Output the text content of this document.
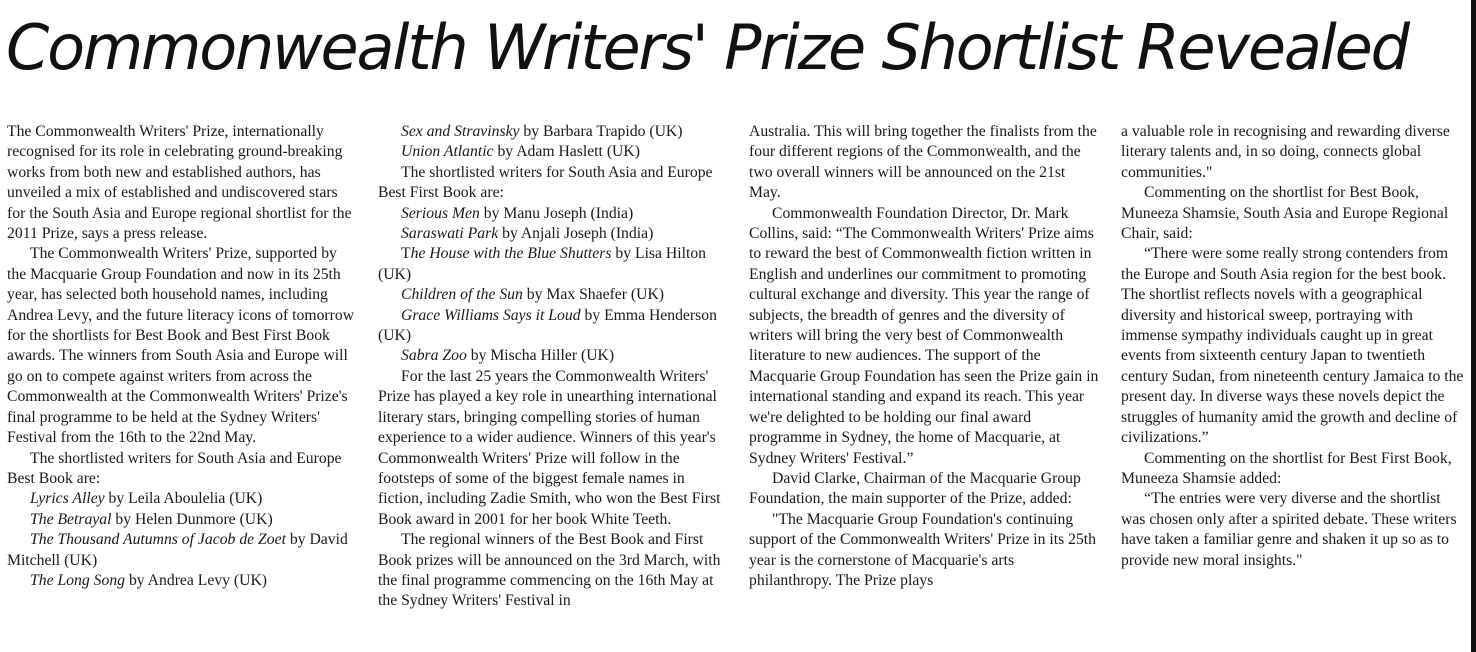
Commonwealth Writers' Prize Shortlist Revealed

The Commonwealth Writers' Prize, internationally recognised for its role in celebrating ground-breaking works from both new and established authors, has unveiled a mix of established and undiscovered stars for the South Asia and Europe regional shortlist for the 2011 Prize, says a press release.

The Commonwealth Writers' Prize, supported by the Macquarie Group Foundation and now in its 25th year, has selected both household names, including Andrea Levy, and the future literacy icons of tomorrow for the shortlists for Best Book and Best First Book awards. The winners from South Asia and Europe will go on to compete against writers from across the Commonwealth at the Commonwealth Writers' Prize's final programme to be held at the Sydney Writers' Festival from the 16th to the 22nd May.

The shortlisted writers for South Asia and Europe Best Book are:

Lyrics Alley by Leila Aboulelia (UK)

The Betrayal by Helen Dunmore (UK)

The Thousand Autumns of Jacob de Zoet by David Mitchell (UK)

The Long Song by Andrea Levy (UK)

Sex and Stravinsky by Barbara Trapido (UK)

Union Atlantic by Adam Haslett (UK)

The shortlisted writers for South Asia and Europe Best First Book are:

Serious Men by Manu Joseph (India)

Saraswati Park by Anjali Joseph (India)

The House with the Blue Shutters by Lisa Hilton (UK)

Children of the Sun by Max Shaefer (UK)

Grace Williams Says it Loud by Emma Henderson (UK)

Sabra Zoo by Mischa Hiller (UK)

For the last 25 years the Commonwealth Writers' Prize has played a key role in unearthing international literary stars, bringing compelling stories of human experience to a wider audience. Winners of this year's Commonwealth Writers' Prize will follow in the footsteps of some of the biggest female names in fiction, including Zadie Smith, who won the Best First Book award in 2001 for her book White Teeth.

The regional winners of the Best Book and First Book prizes will be announced on the 3rd March, with the final programme commencing on the 16th May at the Sydney Writers' Festival in

Australia. This will bring together the finalists from the four different regions of the Commonwealth, and the two overall winners will be announced on the 21st May.

Commonwealth Foundation Director, Dr. Mark Collins, said: “The Commonwealth Writers' Prize aims to reward the best of Commonwealth fiction written in English and underlines our commitment to promoting cultural exchange and diversity. This year the range of subjects, the breadth of genres and the diversity of writers will bring the very best of Commonwealth literature to new audiences. The support of the Macquarie Group Foundation has seen the Prize gain in international standing and expand its reach. This year we're delighted to be holding our final award programme in Sydney, the home of Macquarie, at Sydney Writers' Festival.”

David Clarke, Chairman of the Macquarie Group Foundation, the main supporter of the Prize, added:

"The Macquarie Group Foundation's continuing support of the Commonwealth Writers' Prize in its 25th year is the cornerstone of Macquarie's arts philanthropy. The Prize plays

a valuable role in recognising and rewarding diverse literary talents and, in so doing, connects global communities."

Commenting on the shortlist for Best Book, Muneeza Shamsie, South Asia and Europe Regional Chair, said:

“There were some really strong contenders from the Europe and South Asia region for the best book. The shortlist reflects novels with a geographical diversity and historical sweep, portraying with immense sympathy individuals caught up in great events from sixteenth century Japan to twentieth century Sudan, from nineteenth century Jamaica to the present day. In diverse ways these novels depict the struggles of humanity amid the growth and decline of civilizations.”

Commenting on the shortlist for Best First Book, Muneeza Shamsie added:

“The entries were very diverse and the shortlist was chosen only after a spirited debate. These writers have taken a familiar genre and shaken it up so as to provide new moral insights."
